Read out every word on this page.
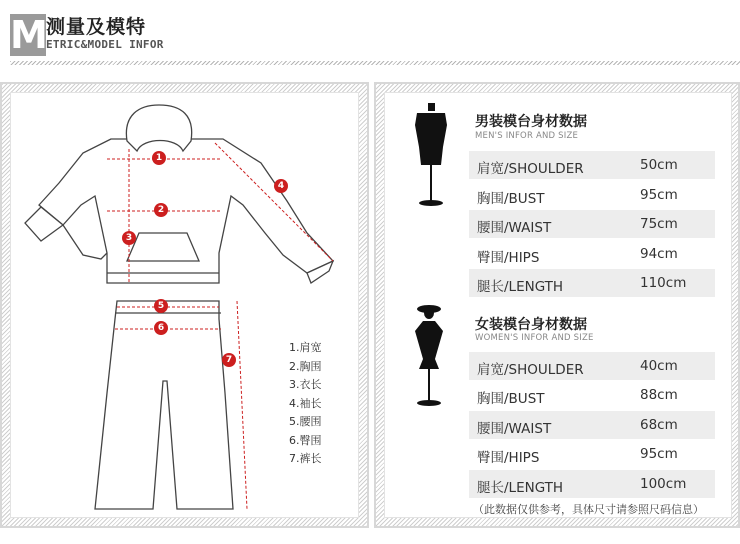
M
测量及模特
ETRIC&MODEL INFOR
1
2
3
4
5
6
7
1.肩宽
2.胸围
3.衣长
4.袖长
5.腰围
6.臀围
7.裤长
男装模台身材数据
MEN'S INFOR AND SIZE
肩宽/SHOULDER	50cm
胸围/BUST	95cm
腰围/WAIST	75cm
臀围/HIPS	94cm
腿长/LENGTH	110cm
女装模台身材数据
WOMEN'S INFOR AND SIZE
肩宽/SHOULDER	40cm
胸围/BUST	88cm
腰围/WAIST	68cm
臀围/HIPS	95cm
腿长/LENGTH	100cm
（此数据仅供参考，具体尺寸请参照尺码信息）
